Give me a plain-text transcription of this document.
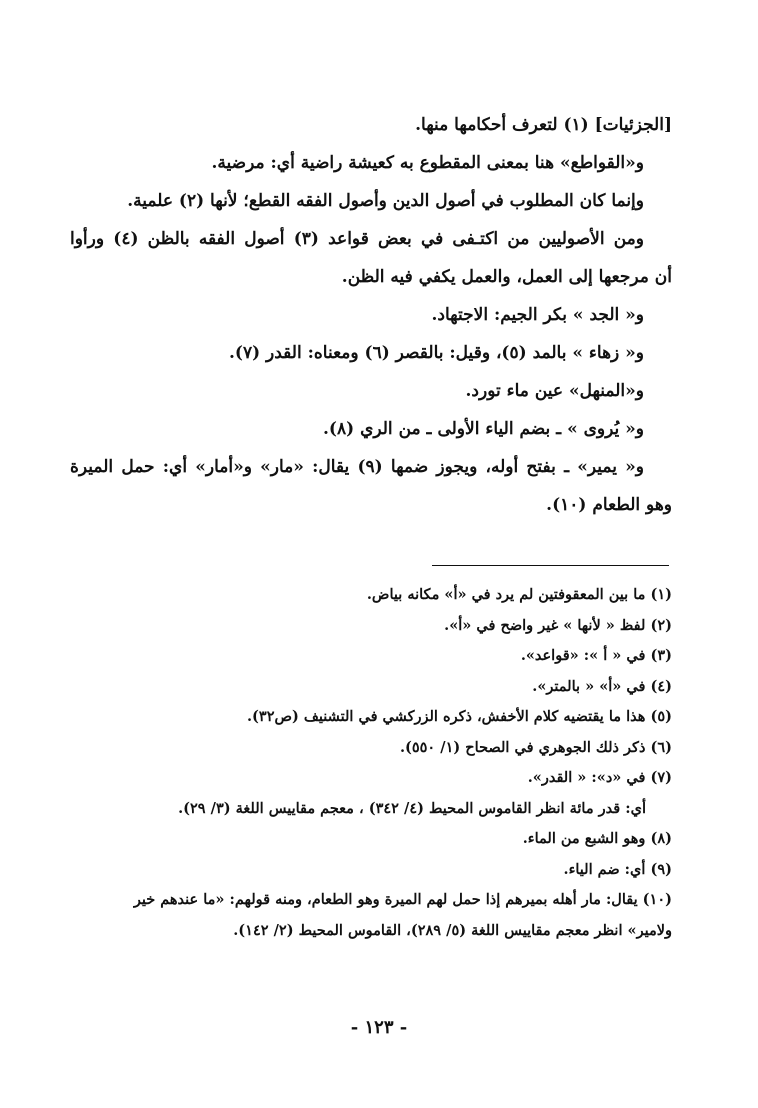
[الجزئيات] (١) لتعرف أحكامها منها.
و«القواطع» هنا بمعنى المقطوع به كعيشة راضية أي: مرضية.
وإنما كان المطلوب في أصول الدين وأصول الفقه القطع؛ لأنها (٢) علمية.
ومن الأصوليين من اكتـفى في بعض قواعد (٣) أصول الفقه بالظن (٤) ورأوا
أن مرجعها إلى العمل، والعمل يكفي فيه الظن.
و« الجد » بكر الجيم: الاجتهاد.
و« زهاء » بالمد (٥)، وقيل: بالقصر (٦) ومعناه: القدر (٧).
و«المنهل» عين ماء تورد.
و« يُروى » ـ بضم الياء الأولى ـ من الري (٨).
و« يمير» ـ بفتح أوله، ويجوز ضمها (٩) يقال: «مار» و«أمار» أي: حمل الميرة
وهو الطعام (١٠).
(١) ما بين المعقوفتين لم يرد في «أ» مكانه بياض.
(٢) لفظ « لأنها » غير واضح في «أ».
(٣) في « أ »: «قواعد».
(٤) في «أ» « بالمتر».
(٥) هذا ما يقتضيه كلام الأخفش، ذكره الزركشي في التشنيف (ص٣٢).
(٦) ذكر ذلك الجوهري في الصحاح (١/ ٥٥٠).
(٧) في «د»: « القدر».
أي: قدر مائة انظر القاموس المحيط (٤/ ٣٤٢) ، معجم مقاييس اللغة (٣/ ٢٩).
(٨) وهو الشبع من الماء.
(٩) أي: ضم الياء.
(١٠) يقال: مار أهله بميرهم إذا حمل لهم الميرة وهو الطعام، ومنه قولهم: «ما عندهم خير
ولامير» انظر معجم مقاييس اللغة (٥/ ٢٨٩)، القاموس المحيط (٢/ ١٤٢).
- ١٢٣ -
